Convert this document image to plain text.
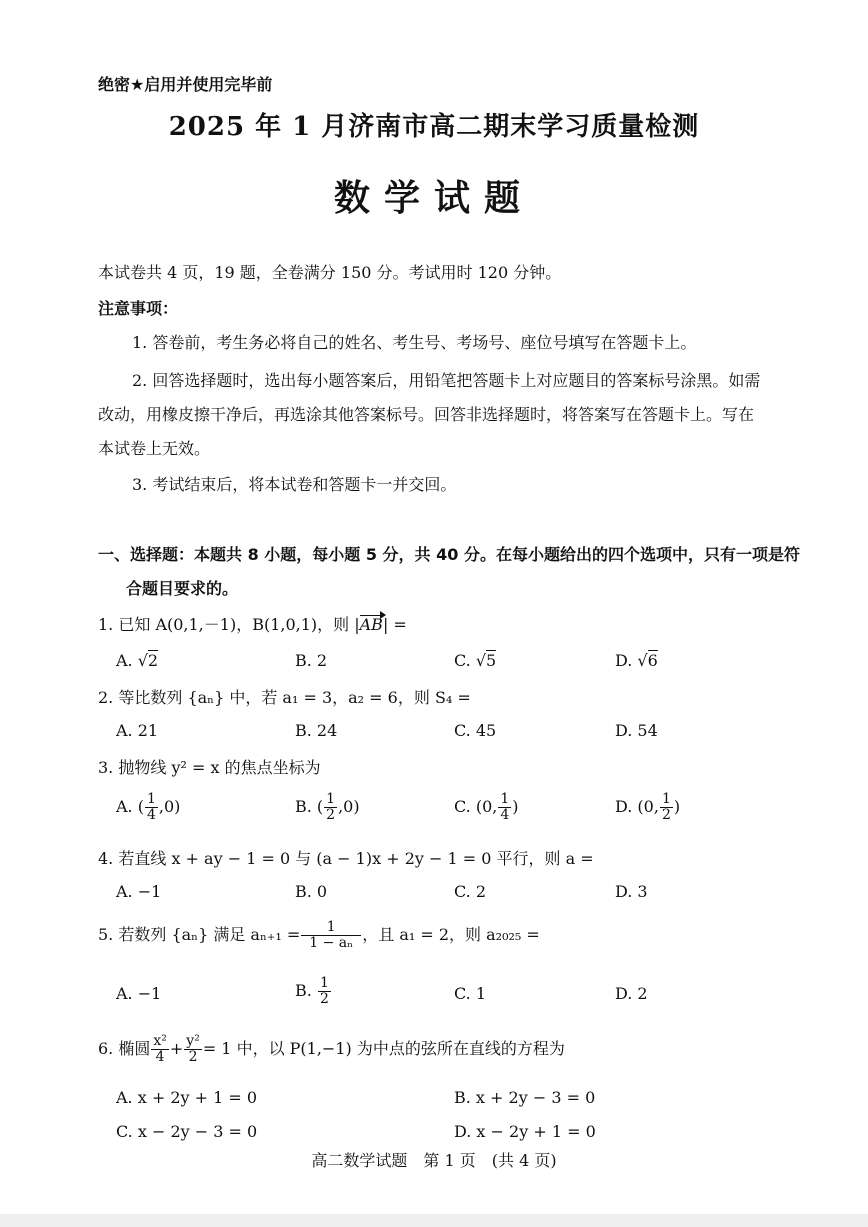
绝密★启用并使用完毕前
2025 年 1 月济南市高二期末学习质量检测
数学试题
本试卷共 4 页，19 题，全卷满分 150 分。考试用时 120 分钟。
注意事项：
1. 答卷前，考生务必将自己的姓名、考生号、考场号、座位号填写在答题卡上。
2. 回答选择题时，选出每小题答案后，用铅笔把答题卡上对应题目的答案标号涂黑。如需
改动，用橡皮擦干净后，再选涂其他答案标号。回答非选择题时，将答案写在答题卡上。写在
本试卷上无效。
3. 考试结束后，将本试卷和答题卡一并交回。
一、选择题：本题共 8 小题，每小题 5 分，共 40 分。在每小题给出的四个选项中，只有一项是符
合题目要求的。
1. 已知 A(0,1,－1)，B(1,0,1)，则 |AB| =
A. √2	B. 2	C. √5	D. √6
2. 等比数列 {aₙ} 中，若 a₁ = 3，a₂ = 6，则 S₄ =
A. 21	B. 24	C. 45	D. 54
3. 抛物线 y² = x 的焦点坐标为
A. ( $\frac{1}{4} ,0$)	B. ( $\frac{1}{2} ,0$)	C. (0, $\frac{1}{4}$ )	D. (0, $\frac{1}{2}$ )
4. 若直线 x + ay − 1 = 0 与 (a − 1)x + 2y − 1 = 0 平行，则 a =
A. −1	B. 0	C. 2	D. 3
5. 若数列 {aₙ} 满足 $a_{n+1} = \frac{1}{\text{1 − aₙ}}$ ，且 a₁ = 2，则 a₂₀₂₅ =
A. −1	B. $\frac{1}{2}$	C. 1	D. 2
6. 椭圆 $\frac{\text{x²}}{4} + \frac{\text{y²}}{2} = 1$ 中，以 P(1,−1) 为中点的弦所在直线的方程为
A. x + 2y + 1 = 0	B. x + 2y − 3 = 0
C. x − 2y − 3 = 0	D. x − 2y + 1 = 0
高二数学试题　第 1 页　(共 4 页)
